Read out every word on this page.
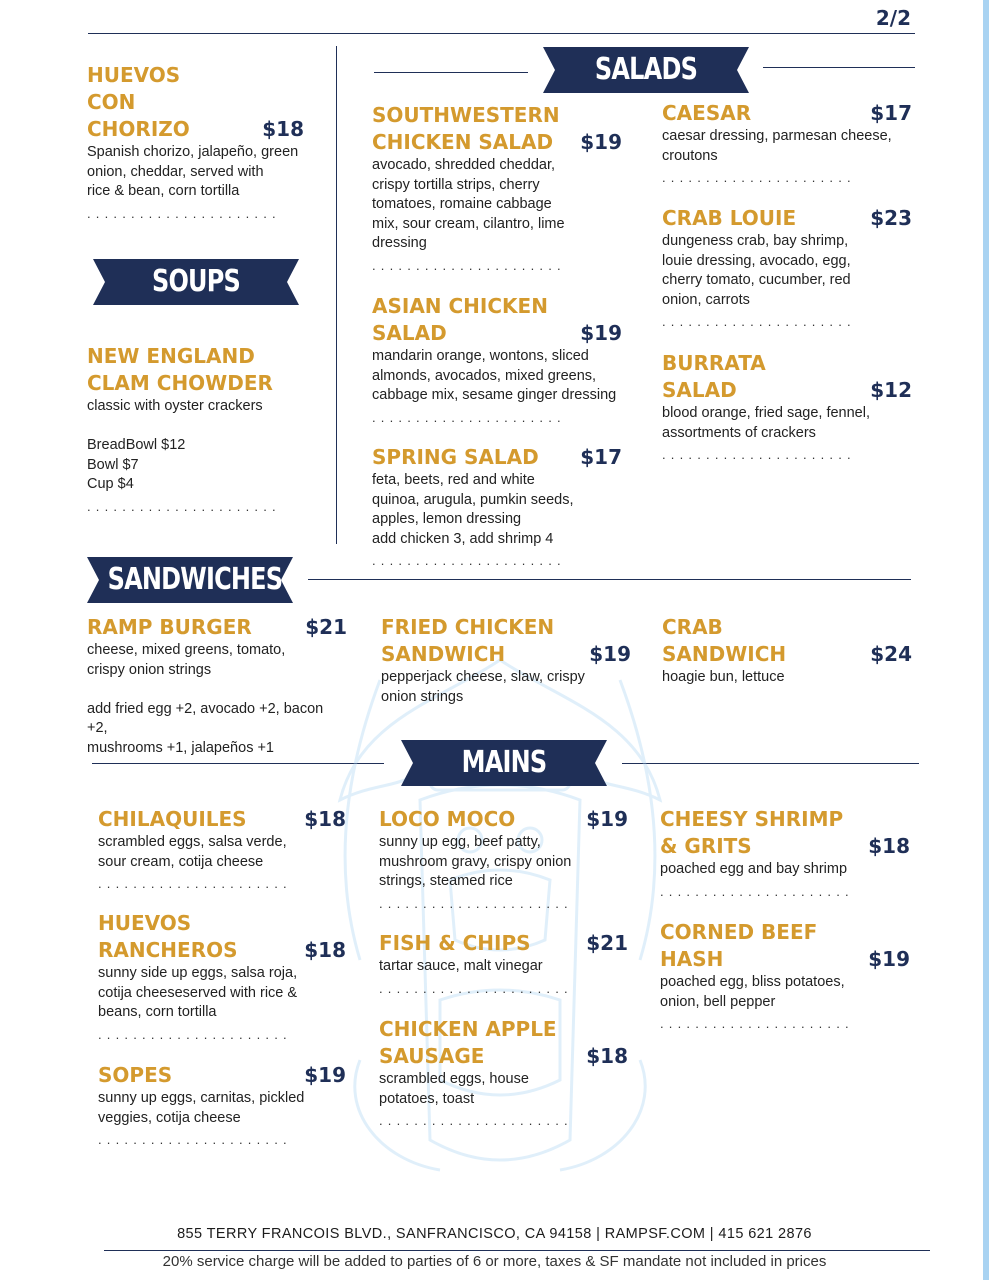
2/2
SALADS
SOUPS
SANDWICHES
MAINS
HUEVOS
CON
CHORIZO	$18
Spanish chorizo, jalapeño, green
onion, cheddar, served with
rice & bean, corn tortilla
......................
NEW ENGLAND
CLAM CHOWDER
classic with oyster crackers

BreadBowl $12
Bowl $7
Cup $4
......................
SOUTHWESTERN
CHICKEN SALAD	$19
avocado, shredded cheddar,
crispy tortilla strips, cherry
tomatoes, romaine cabbage
mix, sour cream, cilantro, lime
dressing
......................
ASIAN CHICKEN
SALAD	$19
mandarin orange, wontons, sliced
almonds, avocados, mixed greens,
cabbage mix, sesame ginger dressing
......................
SPRING SALAD	$17
feta, beets, red and white
quinoa, arugula, pumkin seeds,
apples, lemon dressing
add chicken 3, add shrimp 4
......................
CAESAR	$17
caesar dressing, parmesan cheese,
croutons
......................
CRAB LOUIE	$23
dungeness crab, bay shrimp,
louie dressing, avocado, egg,
cherry tomato, cucumber, red
onion, carrots
......................
BURRATA
SALAD	$12
blood orange, fried sage, fennel,
assortments of crackers
......................
RAMP BURGER	$21
cheese, mixed greens, tomato,
crispy onion strings

add fried egg +2, avocado +2, bacon +2,
mushrooms +1, jalapeños +1
FRIED CHICKEN
SANDWICH	$19
pepperjack cheese, slaw, crispy
onion strings
CRAB
SANDWICH	$24
hoagie bun, lettuce
CHILAQUILES	$18
scrambled eggs, salsa verde,
sour cream, cotija cheese
......................
HUEVOS
RANCHEROS	$18
sunny side up eggs, salsa roja,
cotija cheeseserved with rice &
beans, corn tortilla
......................
SOPES	$19
sunny up eggs, carnitas, pickled
veggies, cotija cheese
......................
LOCO MOCO	$19
sunny up egg, beef patty,
mushroom gravy, crispy onion
strings, steamed rice
......................
FISH & CHIPS	$21
tartar sauce, malt vinegar
......................
CHICKEN APPLE
SAUSAGE	$18
scrambled eggs, house
potatoes, toast
......................
CHEESY SHRIMP
& GRITS	$18
poached egg and bay shrimp
......................
CORNED BEEF
HASH	$19
poached egg, bliss potatoes,
onion, bell pepper
......................
855 TERRY FRANCOIS BLVD., SANFRANCISCO, CA 94158 | RAMPSF.COM | 415 621 2876
20% service charge will be added to parties of 6 or more, taxes & SF mandate not included in prices
